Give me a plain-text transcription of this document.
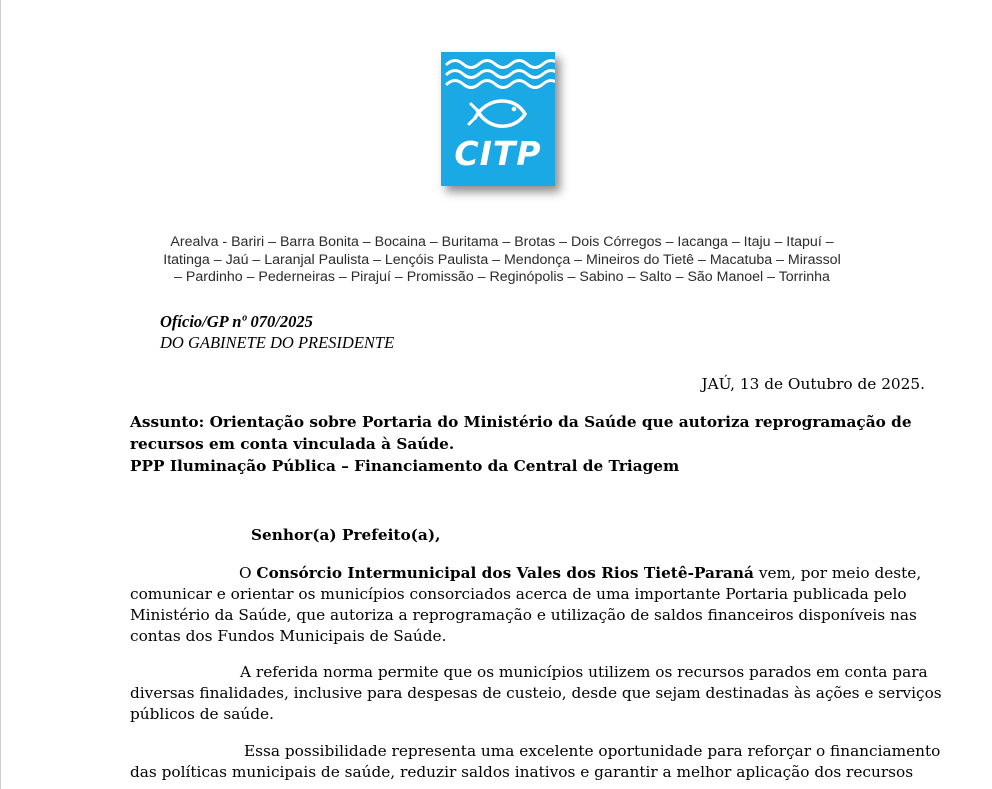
CITP
Arealva - Bariri – Barra Bonita – Bocaina – Buritama – Brotas – Dois Córregos – Iacanga – Itaju – Itapuí –
Itatinga – Jaú – Laranjal Paulista – Lençóis Paulista – Mendonça – Mineiros do Tietê – Macatuba – Mirassol
– Pardinho – Pederneiras – Pirajuí – Promissão – Reginópolis – Sabino – Salto – São Manoel – Torrinha
Ofício/GP nº 070/2025
DO GABINETE DO PRESIDENTE
JAÚ, 13 de Outubro de 2025.
Assunto: Orientação sobre Portaria do Ministério da Saúde que autoriza reprogramação de
recursos em conta vinculada à Saúde.
PPP Iluminação Pública – Financiamento da Central de Triagem
Senhor(a) Prefeito(a),
O Consórcio Intermunicipal dos Vales dos Rios Tietê-Paraná vem, por meio deste,
comunicar e orientar os municípios consorciados acerca de uma importante Portaria publicada pelo
Ministério da Saúde, que autoriza a reprogramação e utilização de saldos financeiros disponíveis nas
contas dos Fundos Municipais de Saúde.
A referida norma permite que os municípios utilizem os recursos parados em conta para
diversas finalidades, inclusive para despesas de custeio, desde que sejam destinadas às ações e serviços
públicos de saúde.
Essa possibilidade representa uma excelente oportunidade para reforçar o financiamento
das políticas municipais de saúde, reduzir saldos inativos e garantir a melhor aplicação dos recursos
